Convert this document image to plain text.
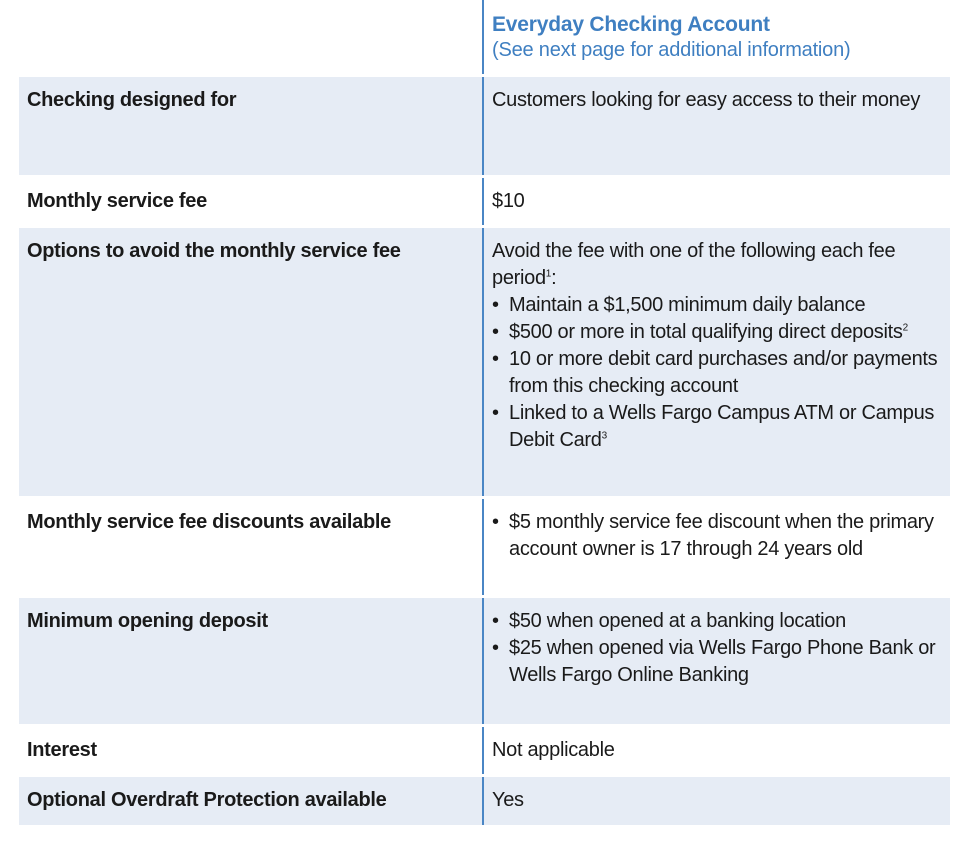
Everyday Checking Account
(See next page for additional information)
Checking designed for	Customers looking for easy access to their money
Monthly service fee	$10
Options to avoid the monthly service fee	Avoid the fee with one of the following each fee period$^1$:
• Maintain a $1,500 minimum daily balance
• $500 or more in total qualifying direct deposits$^2$
• 10 or more debit card purchases and/or payments from this checking account
• Linked to a Wells Fargo Campus ATM or Campus Debit Card$^3$
Monthly service fee discounts available	• $5 monthly service fee discount when the primary account owner is 17 through 24 years old
Minimum opening deposit	• $50 when opened at a banking location
• $25 when opened via Wells Fargo Phone Bank or Wells Fargo Online Banking
Interest	Not applicable
Optional Overdraft Protection available	Yes
